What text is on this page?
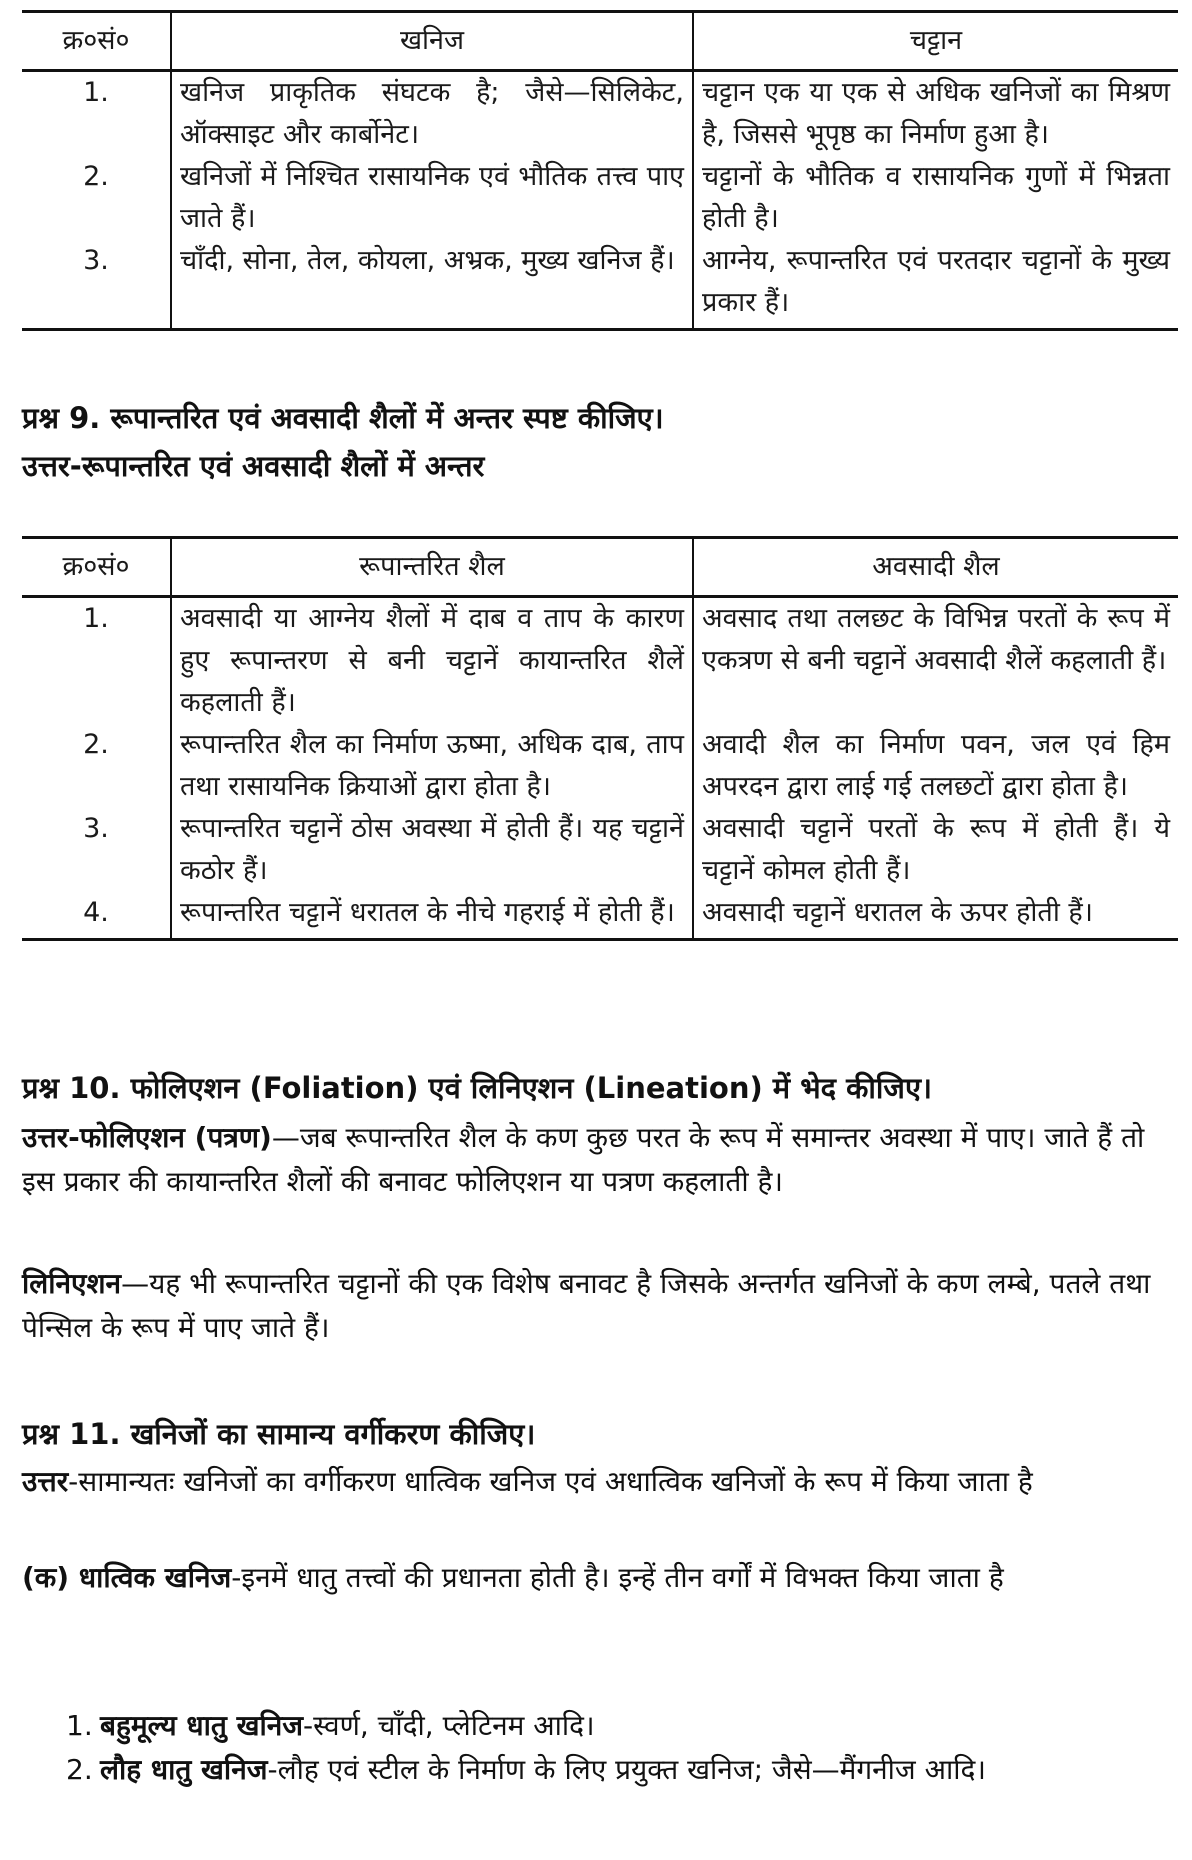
क्र०सं०	खनिज	चट्टान
1.	खनिज प्राकृतिक संघटक है; जैसे—सिलिकेट, ऑक्साइट और कार्बोनेट।	चट्टान एक या एक से अधिक खनिजों का मिश्रण है, जिससे भूपृष्ठ का निर्माण हुआ है।
2.	खनिजों में निश्चित रासायनिक एवं भौतिक तत्त्व पाए जाते हैं।	चट्टानों के भौतिक व रासायनिक गुणों में भिन्नता होती है।
3.	चाँदी, सोना, तेल, कोयला, अभ्रक, मुख्य खनिज हैं।	आग्नेय, रूपान्तरित एवं परतदार चट्टानों के मुख्य प्रकार हैं।

प्रश्न 9. रूपान्तरित एवं अवसादी शैलों में अन्तर स्पष्ट कीजिए।

उत्तर-रूपान्तरित एवं अवसादी शैलों में अन्तर

क्र०सं०	रूपान्तरित शैल	अवसादी शैल
1.	अवसादी या आग्नेय शैलों में दाब व ताप के कारण हुए रूपान्तरण से बनी चट्टानें कायान्तरित शैलें कहलाती हैं।	अवसाद तथा तलछट के विभिन्न परतों के रूप में एकत्रण से बनी चट्टानें अवसादी शैलें कहलाती हैं।
2.	रूपान्तरित शैल का निर्माण ऊष्मा, अधिक दाब, ताप तथा रासायनिक क्रियाओं द्वारा होता है।	अवादी शैल का निर्माण पवन, जल एवं हिम अपरदन द्वारा लाई गई तलछटों द्वारा होता है।
3.	रूपान्तरित चट्टानें ठोस अवस्था में होती हैं। यह चट्टानें कठोर हैं।	अवसादी चट्टानें परतों के रूप में होती हैं। ये चट्टानें कोमल होती हैं।
4.	रूपान्तरित चट्टानें धरातल के नीचे गहराई में होती हैं।	अवसादी चट्टानें धरातल के ऊपर होती हैं।

प्रश्न 10. फोलिएशन (Foliation) एवं लिनिएशन (Lineation) में भेद कीजिए।

उत्तर-फोलिएशन (पत्रण)—जब रूपान्तरित शैल के कण कुछ परत के रूप में समान्तर अवस्था में पाए। जाते हैं तो इस प्रकार की कायान्तरित शैलों की बनावट फोलिएशन या पत्रण कहलाती है।

लिनिएशन—यह भी रूपान्तरित चट्टानों की एक विशेष बनावट है जिसके अन्तर्गत खनिजों के कण लम्बे, पतले तथा पेन्सिल के रूप में पाए जाते हैं।

प्रश्न 11. खनिजों का सामान्य वर्गीकरण कीजिए।

उत्तर-सामान्यतः खनिजों का वर्गीकरण धात्विक खनिज एवं अधात्विक खनिजों के रूप में किया जाता है

(क) धात्विक खनिज-इनमें धातु तत्त्वों की प्रधानता होती है। इन्हें तीन वर्गों में विभक्त किया जाता है

1. बहुमूल्य धातु खनिज-स्वर्ण, चाँदी, प्लेटिनम आदि।
2. लौह धातु खनिज-लौह एवं स्टील के निर्माण के लिए प्रयुक्त खनिज; जैसे—मैंगनीज आदि।
